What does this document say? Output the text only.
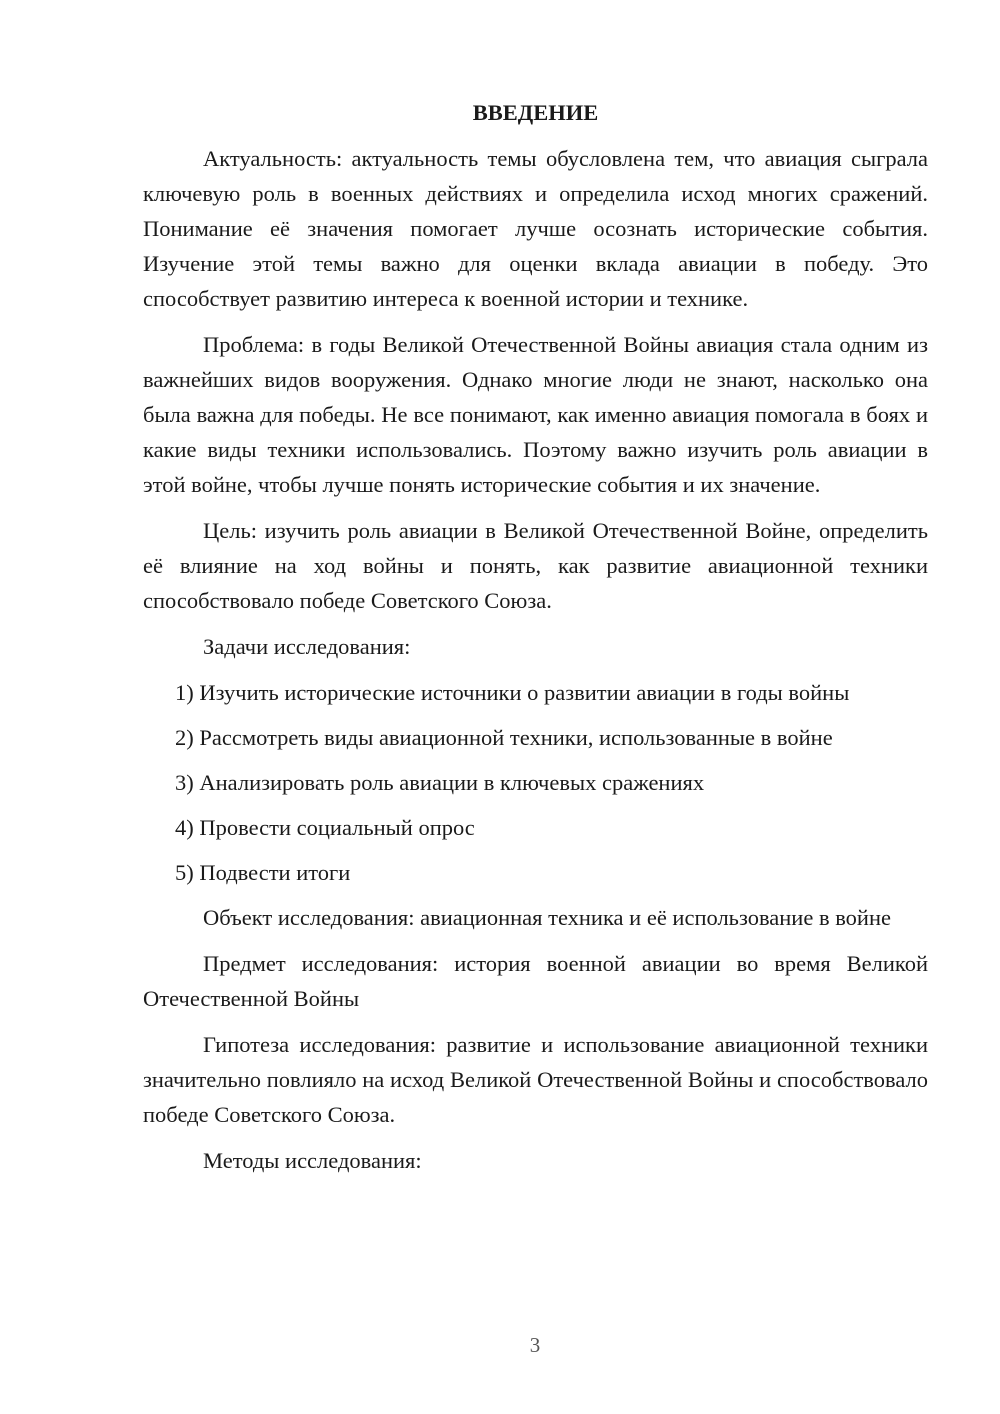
ВВЕДЕНИЕ

Актуальность: актуальность темы обусловлена тем, что авиация сыграла ключевую роль в военных действиях и определила исход многих сражений. Понимание её значения помогает лучше осознать исторические события. Изучение этой темы важно для оценки вклада авиации в победу. Это способствует развитию интереса к военной истории и технике.

Проблема: в годы Великой Отечественной Войны авиация стала одним из важнейших видов вооружения. Однако многие люди не знают, насколько она была важна для победы. Не все понимают, как именно авиация помогала в боях и какие виды техники использовались. Поэтому важно изучить роль авиации в этой войне, чтобы лучше понять исторические события и их значение.

Цель: изучить роль авиации в Великой Отечественной Войне, определить её влияние на ход войны и понять, как развитие авиационной техники способствовало победе Советского Союза.

Задачи исследования:

1) Изучить исторические источники о развитии авиации в годы войны
2) Рассмотреть виды авиационной техники, использованные в войне
3) Анализировать роль авиации в ключевых сражениях
4) Провести социальный опрос
5) Подвести итоги

Объект исследования: авиационная техника и её использование в войне

Предмет исследования: история военной авиации во время Великой Отечественной Войны

Гипотеза исследования: развитие и использование авиационной техники значительно повлияло на исход Великой Отечественной Войны и способствовало победе Советского Союза.

Методы исследования:

3
